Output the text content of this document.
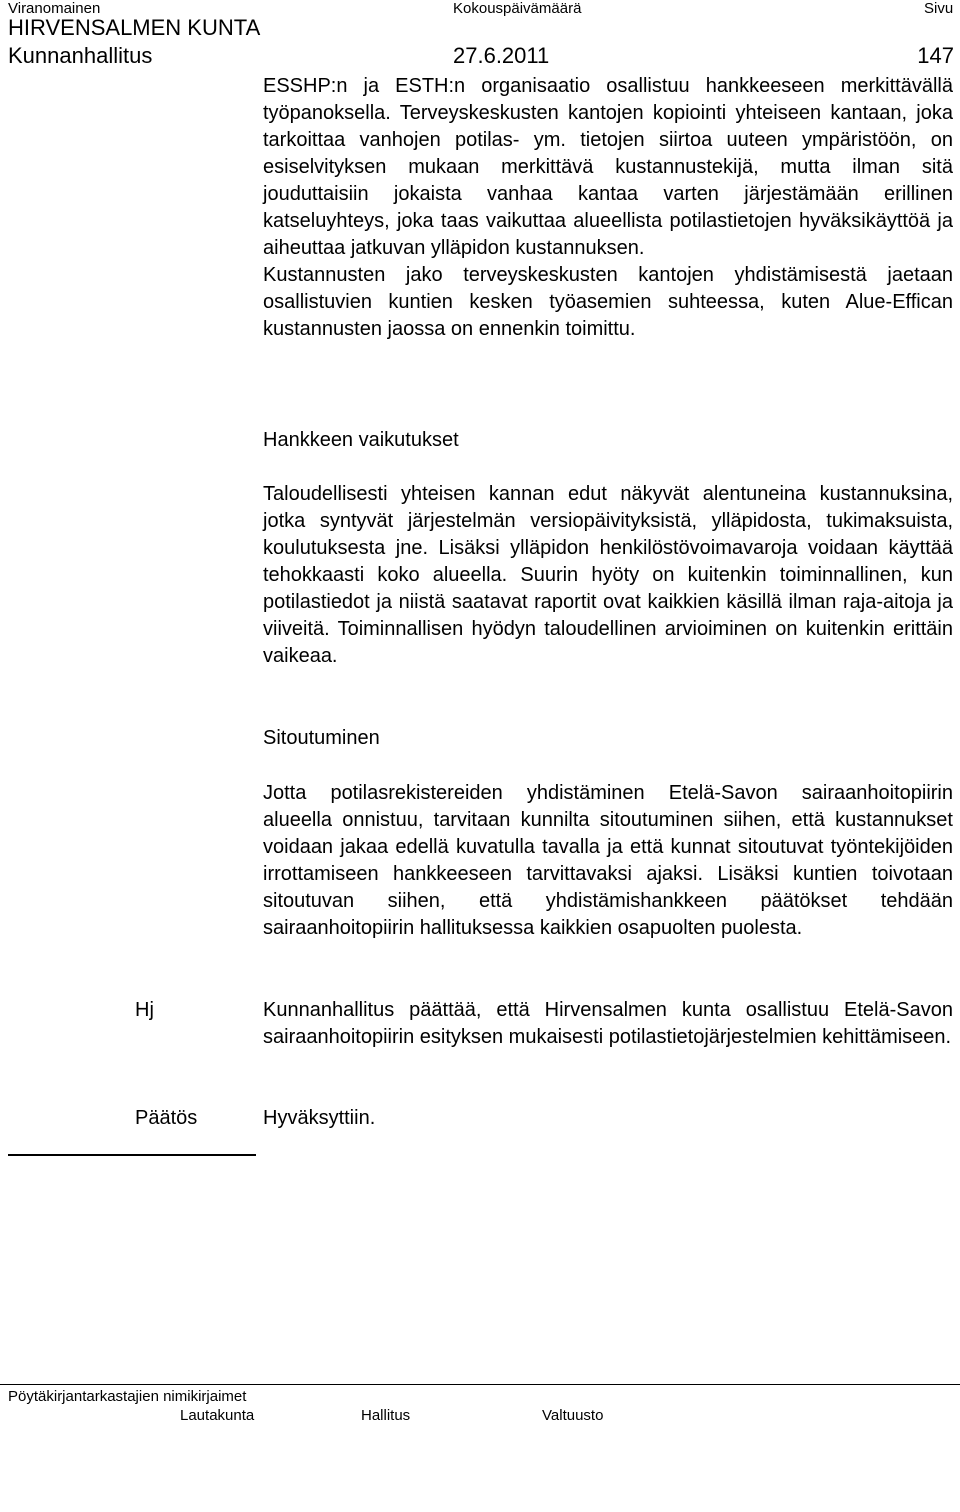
Viranomainen	Kokouspäivämäärä	Sivu
HIRVENSALMEN KUNTA
Kunnanhallitus	27.6.2011	147

ESSHP:n ja ESTH:n organisaatio osallistuu hankkeeseen merkittävällä työpanoksella. Terveyskeskusten kantojen kopiointi yhteiseen kantaan, joka tarkoittaa vanhojen potilas- ym. tietojen siirtoa uuteen ympäristöön, on esiselvityksen mukaan merkittävä kustannustekijä, mutta ilman sitä jouduttaisiin jokaista vanhaa kantaa varten järjestämään erillinen katseluyhteys, joka taas vaikuttaa alueellista potilastietojen hyväksikäyttöä ja aiheuttaa jatkuvan ylläpidon kustannuksen.

Kustannusten jako terveyskeskusten kantojen yhdistämisestä jaetaan osallistuvien kuntien kesken työasemien suhteessa, kuten Alue-Effican kustannusten jaossa on ennenkin toimittu.

Hankkeen vaikutukset

Taloudellisesti yhteisen kannan edut näkyvät alentuneina kustannuksina, jotka syntyvät järjestelmän versiopäivityksistä, ylläpidosta, tukimaksuista, koulutuksesta jne. Lisäksi ylläpidon henkilöstövoimavaroja voidaan käyttää tehokkaasti koko alueella. Suurin hyöty on kuitenkin toiminnallinen, kun potilastiedot ja niistä saatavat raportit ovat kaikkien käsillä ilman raja-aitoja ja viiveitä. Toiminnallisen hyödyn taloudellinen arvioiminen on kuitenkin erittäin vaikeaa.

Sitoutuminen

Jotta potilasrekistereiden yhdistäminen Etelä-Savon sairaanhoitopiirin alueella onnistuu, tarvitaan kunnilta sitoutuminen siihen, että kustannukset voidaan jakaa edellä kuvatulla tavalla ja että kunnat sitoutuvat työntekijöiden irrottamiseen hankkeeseen tarvittavaksi ajaksi. Lisäksi kuntien toivotaan sitoutuvan siihen, että yhdistämishankkeen päätökset tehdään sairaanhoitopiirin hallituksessa kaikkien osapuolten puolesta.

Hj	Kunnanhallitus päättää, että Hirvensalmen kunta osallistuu Etelä-Savon sairaanhoitopiirin esityksen mukaisesti potilastietojärjestelmien kehittämiseen.

Päätös	Hyväksyttiin.
Pöytäkirjantarkastajien nimikirjaimet
Lautakunta	Hallitus	Valtuusto
